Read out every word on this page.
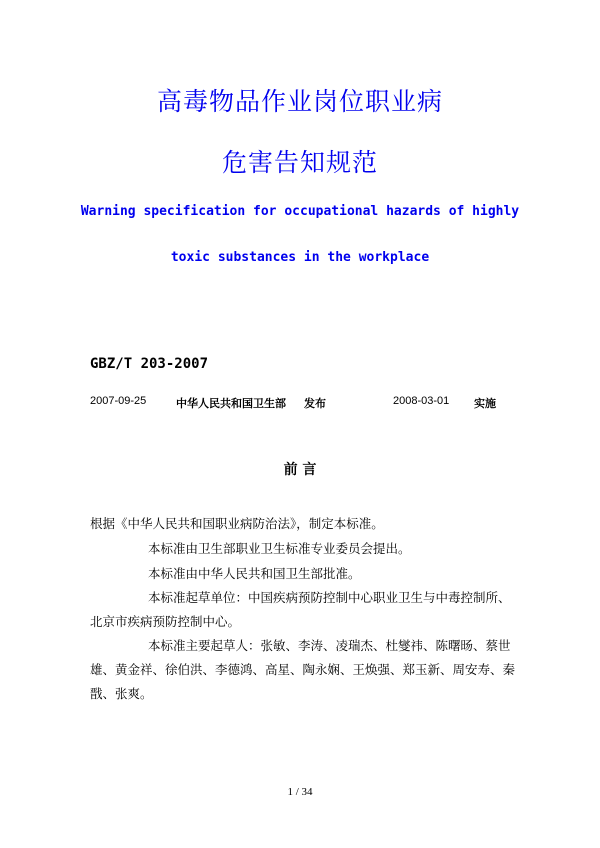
高毒物品作业岗位职业病
危害告知规范
Warning specification for occupational hazards of highly
toxic substances in the workplace
GBZ/T 203-2007
2007-09-25	中华人民共和国卫生部 发布	2008-03-01 实施
前 言
根据《中华人民共和国职业病防治法》，制定本标准。
本标准由卫生部职业卫生标准专业委员会提出。
本标准由中华人民共和国卫生部批准。
本标准起草单位：中国疾病预防控制中心职业卫生与中毒控制所、
北京市疾病预防控制中心。
本标准主要起草人：张敏、李涛、凌瑞杰、杜燮祎、陈曙旸、蔡世
雄、黄金祥、徐伯洪、李德鸿、高星、陶永娴、王焕强、郑玉新、周安寿、秦
戬、张爽。
1 / 34
